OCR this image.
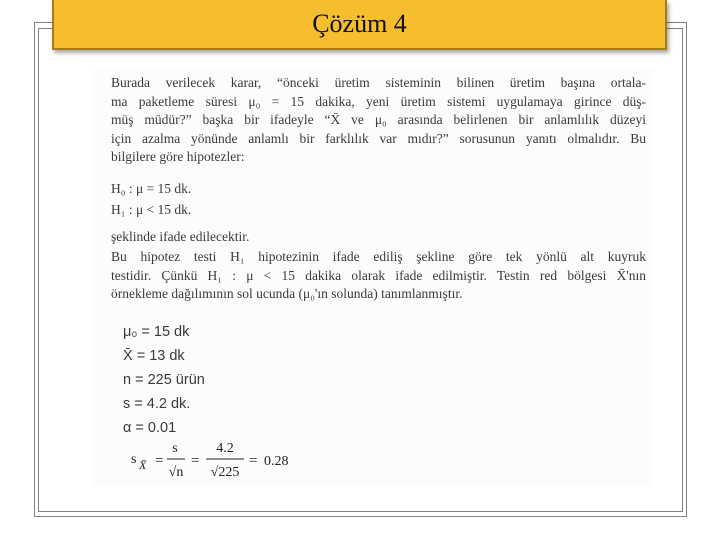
Çözüm 4
Burada verilecek karar, “önceki üretim sisteminin bilinen üretim başına ortala-
ma paketleme süresi μ₀ = 15 dakika, yeni üretim sistemi uygulamaya girince düş-
müş müdür?” başka bir ifadeyle “X̄ ve μ₀ arasında belirlenen bir anlamlılık düzeyi
için azalma yönünde anlamlı bir farklılık var mıdır?” sorusunun yanıtı olmalıdır. Bu
bilgilere göre hipotezler:
H₀ : μ = 15 dk.
H₁ : μ < 15 dk.
şeklinde ifade edilecektir.
Bu hipotez testi H₁ hipotezinin ifade ediliş şekline göre tek yönlü alt kuyruk
testidir. Çünkü H₁ : μ < 15 dakika olarak ifade edilmiştir. Testin red bölgesi X̄'nın
örnekleme dağılımının sol ucunda (μ₀'ın solunda) tanımlanmıştır.
μ₀ = 15 dk
X̄ = 13 dk
n = 225 ürün
s = 4.2 dk.
α = 0.01
s X̄ =
s
√n
=
4.2
√225
= 0.28
